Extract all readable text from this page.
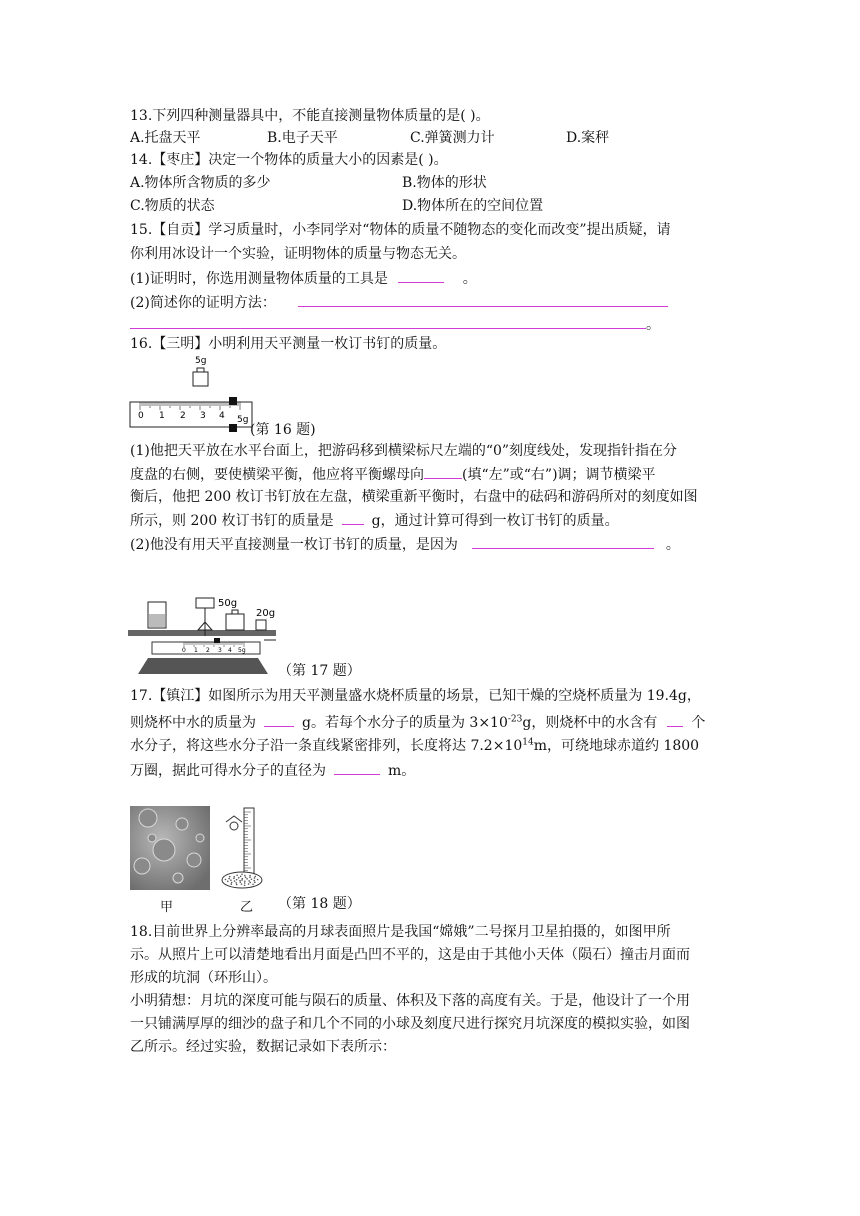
13.下列四种测量器具中，不能直接测量物体质量的是( )。
A.托盘天平	B.电子天平	C.弹簧测力计	D.案秤
14.【枣庄】决定一个物体的质量大小的因素是( )。
A.物体所含物质的多少	B.物体的形状
C.物质的状态	D.物体所在的空间位置
15.【自贡】学习质量时，小李同学对“物体的质量不随物态的变化而改变”提出质疑，请
你利用冰设计一个实验，证明物体的质量与物态无关。
(1)证明时，你选用测量物体质量的工具是	。
(2)简述你的证明方法：
。
16.【三明】小明利用天平测量一枚订书钉的质量。
5g
0 1 2 3 4 5g
(第 16 题)
(1)他把天平放在水平台面上，把游码移到横梁标尺左端的“0”刻度线处，发现指针指在分
度盘的右侧，要使横梁平衡，他应将平衡螺母向	(填“左”或“右”)调；调节横梁平
衡后，他把 200 枚订书钉放在左盘，横梁重新平衡时，右盘中的砝码和游码所对的刻度如图
所示，则 200 枚订书钉的质量是	g，通过计算可得到一枚订书钉的质量。
(2)他没有用天平直接测量一枚订书钉的质量，是因为	。
0 1 2 3 4 5g
50g
20g
（第 17 题）
17.【镇江】如图所示为用天平测量盛水烧杯质量的场景，已知干燥的空烧杯质量为 19.4g，
则烧杯中水的质量为	g。若每个水分子的质量为 $3\times 10^{-23}g$，则烧杯中的水含有 个
水分子，将这些水分子沿一条直线紧密排列，长度将达 $7.2\times 10^{14}m$，可绕地球赤道约 1800
万圈，据此可得水分子的直径为	m。
甲	乙 （第 18 题）
18.目前世界上分辨率最高的月球表面照片是我国“嫦娥”二号探月卫星拍摄的，如图甲所
示。从照片上可以清楚地看出月面是凸凹不平的，这是由于其他小天体（陨石）撞击月面而
形成的坑洞（环形山）。
小明猜想：月坑的深度可能与陨石的质量、体积及下落的高度有关。于是，他设计了一个用
一只铺满厚厚的细沙的盘子和几个不同的小球及刻度尺进行探究月坑深度的模拟实验，如图
乙所示。经过实验，数据记录如下表所示：
